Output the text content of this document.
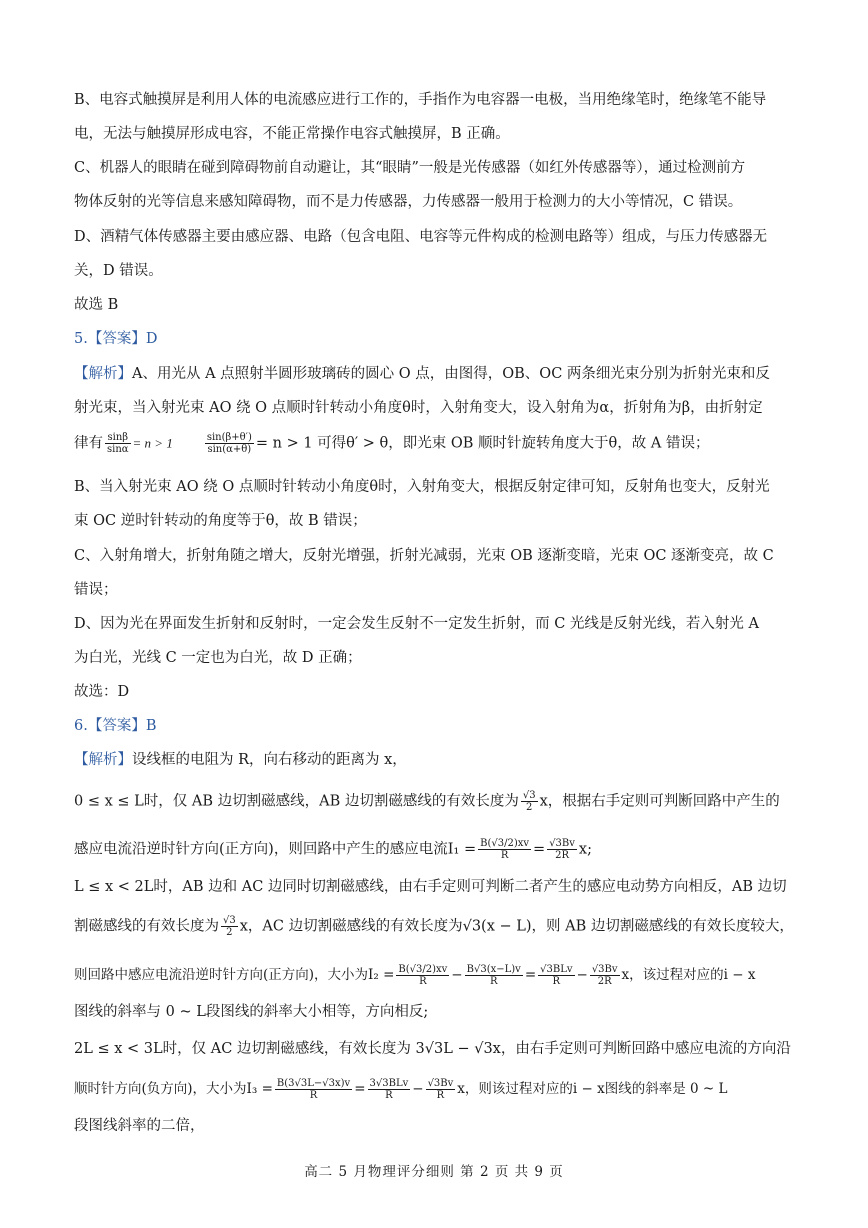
B、电容式触摸屏是利用人体的电流感应进行工作的，手指作为电容器一电极，当用绝缘笔时，绝缘笔不能导
电，无法与触摸屏形成电容，不能正常操作电容式触摸屏，B 正确。
C、机器人的眼睛在碰到障碍物前自动避让，其“眼睛”一般是光传感器（如红外传感器等），通过检测前方
物体反射的光等信息来感知障碍物，而不是力传感器，力传感器一般用于检测力的大小等情况，C 错误。
D、酒精气体传感器主要由感应器、电路（包含电阻、电容等元件构成的检测电路等）组成，与压力传感器无
关，D 错误。
故选 B
5.【答案】D
【解析】A、用光从 A 点照射半圆形玻璃砖的圆心 O 点，由图得，OB、OC 两条细光束分别为折射光束和反
射光束，当入射光束 AO 绕 O 点顺时针转动小角度θ时，入射角变大，设入射角为α，折射角为β，由折射定
律有 $\frac{\sin\beta}{\sin\alpha} = n > 1$	$\frac{\sin(\beta+\theta')}{\sin(\alpha+\theta)} = n > 1$ 可得θ′ > θ，即光束 OB 顺时针旋转角度大于θ，故 A 错误；
B、当入射光束 AO 绕 O 点顺时针转动小角度θ时，入射角变大，根据反射定律可知，反射角也变大，反射光
束 OC 逆时针转动的角度等于θ，故 B 错误；
C、入射角增大，折射角随之增大，反射光增强，折射光减弱，光束 OB 逐渐变暗，光束 OC 逐渐变亮，故 C
错误；
D、因为光在界面发生折射和反射时，一定会发生反射不一定发生折射，而 C 光线是反射光线，若入射光 A
为白光，光线 C 一定也为白光，故 D 正确；
故选：D
6.【答案】B
【解析】设线框的电阻为 R，向右移动的距离为 x，
0 ≤ x ≤ L时，仅 AB 边切割磁感线，AB 边切割磁感线的有效长度为 $\frac{√3}{2}$ x，根据右手定则可判断回路中产生的
感应电流沿逆时针方向(正方向)，则回路中产生的感应电流$I_1 = \frac{B(√3/2)xv}{R} = \frac{√3Bv}{2R} x$;
L ≤ x < 2L时，AB 边和 AC 边同时切割磁感线，由右手定则可判断二者产生的感应电动势方向相反，AB 边切
割磁感线的有效长度为 $\frac{√3}{2}$ x，AC 边切割磁感线的有效长度为√3(x − L)，则 AB 边切割磁感线的有效长度较大，
则回路中感应电流沿逆时针方向(正方向)，大小为$I_2 = \frac{B(√3/2)xv}{R} - \frac{B√3(x-L)v}{R} = \frac{\text{√3BLv}}{R} - \frac{√3Bv}{2R}$ x，该过程对应的i − x
图线的斜率与 0 ~ L段图线的斜率大小相等，方向相反;
2L ≤ x < 3L时，仅 AC 边切割磁感线，有效长度为 3√3L − √3x，由右手定则可判断回路中感应电流的方向沿
顺时针方向(负方向)，大小为$I_3 = \frac{B(3√3L-√3x)v}{R} = \frac{\text{3√3BLv}}{R} - \frac{√3Bv}{R}$ x，则该过程对应的i − x图线的斜率是 0 ~ L
段图线斜率的二倍，
高二 5 月物理评分细则 第 2 页 共 9 页
